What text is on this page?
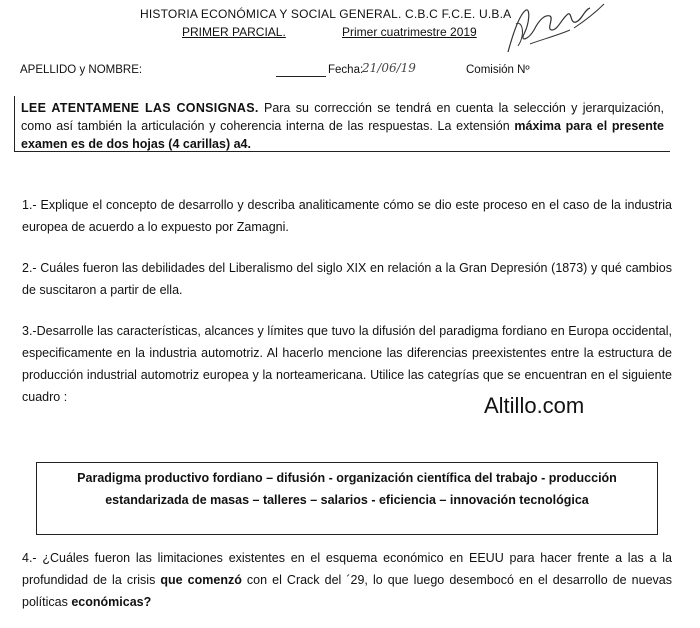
HISTORIA ECONÓMICA Y SOCIAL GENERAL. C.B.C F.C.E. U.B.A
PRIMER PARCIAL.	Primer cuatrimestre 2019
APELLIDO y NOMBRE:	Fecha:
21/06/19	Comisión Nº
LEE ATENTAMENE LAS CONSIGNAS. Para su corrección se tendrá en cuenta la selección y jerarquización, como así también la articulación y coherencia interna de las respuestas. La extensión máxima para el presente examen es de dos hojas (4 carillas) a4.
1.- Explique el concepto de desarrollo y describa analiticamente cómo se dio este proceso en el caso de la industria europea de acuerdo a lo expuesto por Zamagni.
2.- Cuáles fueron las debilidades del Liberalismo del siglo XIX en relación a la Gran Depresión (1873) y qué cambios de suscitaron a partir de ella.
3.-Desarrolle las características, alcances y límites que tuvo la difusión del paradigma fordiano en Europa occidental, especificamente en la industria automotriz. Al hacerlo mencione las diferencias preexistentes entre la estructura de producción industrial automotriz europea y la norteamericana. Utilice las categrías que se encuentran en el siguiente cuadro :	Altillo.com
Paradigma productivo fordiano – difusión - organización científica del trabajo - producción estandarizada de masas – talleres – salarios - eficiencia – innovación tecnológica
4.- ¿Cuáles fueron las limitaciones existentes en el esquema económico en EEUU para hacer frente a las a la profundidad de la crisis que comenzó con el Crack del ´29, lo que luego desembocó en el desarrollo de nuevas políticas económicas?
